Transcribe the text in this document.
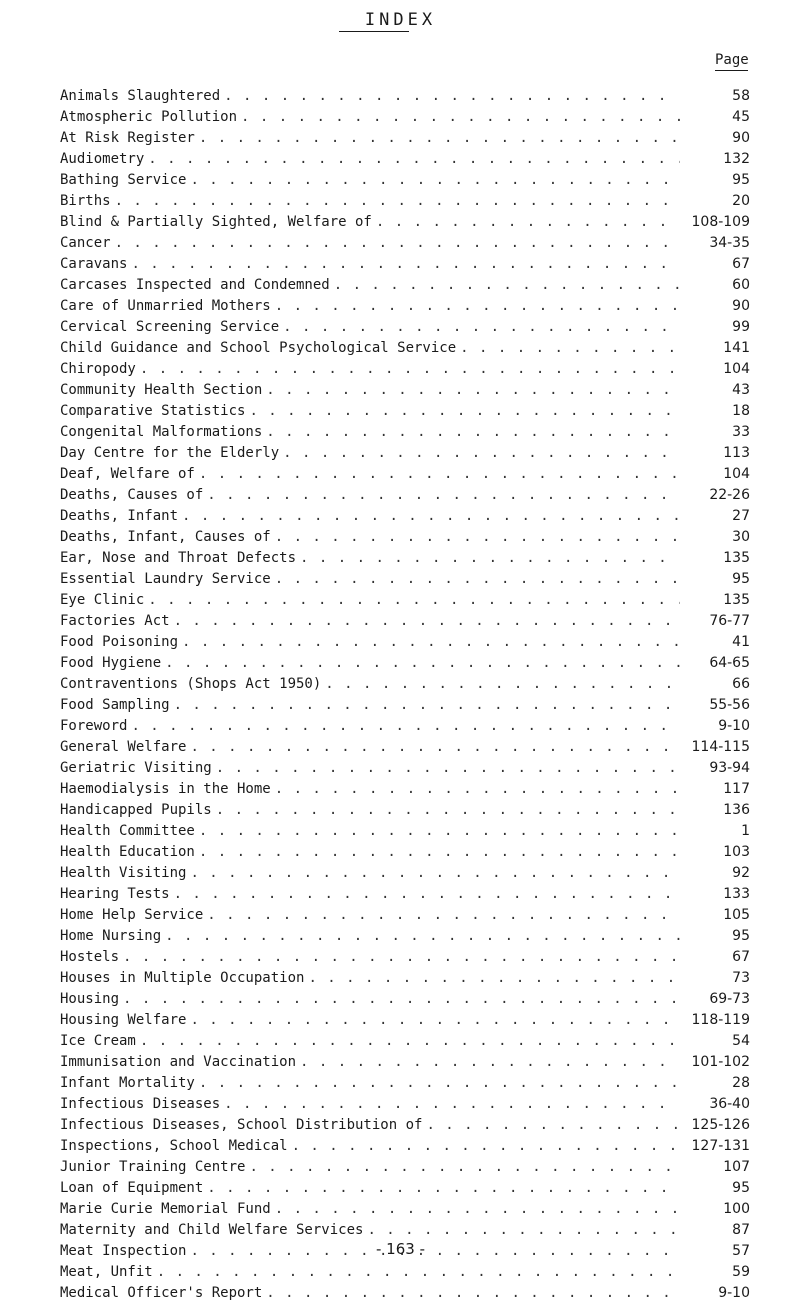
INDEX
Page
Animals Slaughtered . . .	58
Atmospheric Pollution . . .	45
At Risk Register . . .	90
Audiometry . . .	132
Bathing Service . . .	95
Births . . .	20
Blind & Partially Sighted, Welfare of . . .	108-109
Cancer . . .	34-35
Caravans . . .	67
Carcases Inspected and Condemned . . .	60
Care of Unmarried Mothers . . .	90
Cervical Screening Service . . .	99
Child Guidance and School Psychological Service . . .	141
Chiropody . . .	104
Community Health Section . . .	43
Comparative Statistics . . .	18
Congenital Malformations . . .	33
Day Centre for the Elderly . . .	113
Deaf, Welfare of . . .	104
Deaths, Causes of . . .	22-26
Deaths, Infant . . .	27
Deaths, Infant, Causes of . . .	30
Ear, Nose and Throat Defects . . .	135
Essential Laundry Service . . .	95
Eye Clinic . . .	135
Factories Act . . .	76-77
Food Poisoning . . .	41
Food Hygiene . . .	64-65
Contraventions (Shops Act 1950) . . .	66
Food Sampling . . .	55-56
Foreword . . .	9-10
General Welfare . . .	114-115
Geriatric Visiting . . .	93-94
Haemodialysis in the Home . . .	117
Handicapped Pupils . . .	136
Health Committee . . .	1
Health Education . . .	103
Health Visiting . . .	92
Hearing Tests . . .	133
Home Help Service . . .	105
Home Nursing . . .	95
Hostels . . .	67
Houses in Multiple Occupation . . .	73
Housing . . .	69-73
Housing Welfare . . .	118-119
Ice Cream . . .	54
Immunisation and Vaccination . . .	101-102
Infant Mortality . . .	28
Infectious Diseases . . .	36-40
Infectious Diseases, School Distribution of . . .	125-126
Inspections, School Medical . . .	127-131
Junior Training Centre . . .	107
Loan of Equipment . . .	95
Marie Curie Memorial Fund . . .	100
Maternity and Child Welfare Services . . .	87
Meat Inspection . . .	57
Meat, Unfit . . .	59
Medical Officer's Report . . .	9-10
- 163 -
